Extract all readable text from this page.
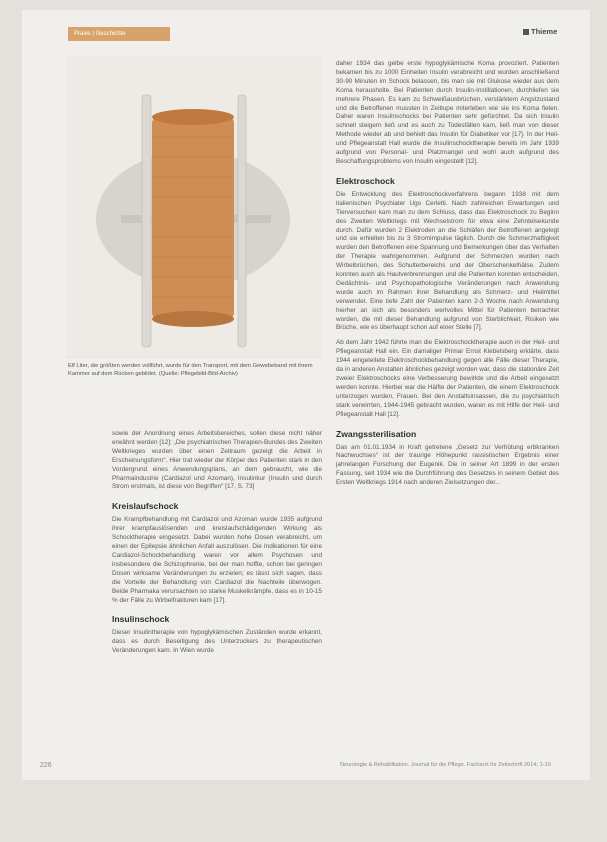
Praxis | Geschichte	Thieme
Elf Liter, die größten werden vollführt, wurde für den Transport, mit dem Gewebeband mit ihrem Kammer auf dem Rücken gebildet. (Quelle: Pflegebild-Bild-Archiv)

sowie der Anordnung eines Arbeitsbereiches, sollen diese nicht näher erwähnt werden [12]: „Die psychiatrischen Therapien-Bundes des Zweiten Weltkrieges wurden über einen Zeitraum gezeigt die Arbeit in Erscheinungsform“. Hier trat wieder der Körper des Patienten stark in den Vordergrund eines Anwendungsplans, an dem gebraucht, wie die Pharmaindustrie (Cardiazol und Azoman), Insulinkur (Insulin und durch Strom erstmals, ist diese von Begriffen“ [17, S. 73]

Kreislaufschock

Die Krampfbehandlung mit Cardiazol und Azoman wurde 1935 aufgrund ihrer krampfauslösenden und kreislaufschädigenden Wirkung als Schocktherapie eingesetzt. Dabei wurden hohe Dosen verabreicht, um einen der Epilepsie ähnlichen Anfall auszulösen. Die Indikationen für eine Cardiazol-Schockbehandlung waren vor allem Psychosen und insbesondere die Schizophrenie, bei der man hoffte, schon bei geringen Dosen wirksame Veränderungen zu erzielen; es lässt sich sagen, dass die Vorteile der Behandlung von Cardiazol die Nachteile überwogen. Beide Pharmaka verursachten so starke Muskelkrämpfe, dass es in 10-15 % der Fälle zu Wirbelfrakturen kam [17].

Insulinschock

Dieser Insulintherapie von hypoglykämischen Zuständen wurde erkannt, dass es durch Beseitigung des Unterzuckers zu therapeutischen Veränderungen kam. In Wien wurde

daher 1934 das gelbe erste hypoglykämische Koma provoziert. Patienten bekamen bis zu 1000 Einheiten Insulin verabreicht und wurden anschließend 30-90 Minuten im Schock belassen, bis man sie mit Glukose wieder aus dem Koma herausholte. Bei Patienten durch Insulin-Instillationen, durchliefen sie mehrere Phasen. Es kam zu Schweißausbrüchen, verstärktem Angstzustand und die Betroffenen mussten in Zeitlupe miterleben wie sie ins Koma fielen. Daher waren Insulinschocks bei Patienten sehr gefürchtet. Da sich Insulin schnell steigern ließ und es auch zu Todesfällen kam, ließ man von dieser Methode wieder ab und behielt das Insulin für Diabetiker vor [17]. In der Heil- und Pflegeanstalt Hall wurde die Insulinschocktherapie bereits im Jahr 1939 aufgrund von Personal- und Platzmangel und wohl auch aufgrund des Beschaffungsproblems von Insulin eingestellt [12].

Elektroschock

Die Entwicklung des Elektroschockverfahrens begann 1938 mit dem italienischen Psychiater Ugo Cerletti. Nach zahlreichen Erwartungen und Tierversuchen kam man zu dem Schluss, dass das Elektroschock zu Beginn des Zweiten Weltkriegs mit Wechselstrom für etwa eine Zehntelsekunde durch. Dafür wurden 2 Elektroden an die Schläfen der Betroffenen angelegt und sie erhielten bis zu 3 Stromimpulse täglich. Durch die Schmerzhaftigkeit wurden den Betroffenen eine Spannung und Bemerkungen über das Verhalten der Therapie wahrgenommen. Aufgrund der Schmerzen wurden nach Wirbelbrüchen, des Schulterbereichs und der Oberschenkelhälse. Zudem konnten auch als Hautverbrennungen und die Patienten konnten entscheiden, Gedächtnis- und Psychopathologische Veränderungen nach Anwendung wurde auch im Rahmen ihrer Behandlung als Schmerz- und Heilmittel verwendet. Eine tiefe Zahl der Patienten kann 2-3 Woche nach Anwendung hierher an sich als besonders wertvolles Mittel für Patienten betrachtet worden, die mit dieser Behandlung aufgrund von Sterblichkeit, Risiken wie Brüche, wie es überhaupt schon auf einer Stelle [7].

Ab dem Jahr 1942 führte man die Elektroschocktherapie auch in der Heil- und Pflegeanstalt Hall ein. Ein damaliger Primar Ernst Klebelsberg erklärte, dass 1944 eingeleitete Elektroschockbehandlung gegen alle Fälle dieser Therapie, da in anderen Anstalten ähnliches gezeigt worden war, dass die stationäre Zeit zweier Elektroschocks eine Verbesserung bewirkte und die Arbeit eingesetzt werden konnte. Hierbei war die Hälfte der Patienten, die einem Elektroschock unterzogen wurden, Frauen. Bei den Anstaltsinsassen, die zu psychiatrisch stark verwirrten, 1944-1945 gebracht wurden, waren es mit Hilfe der Heil- und Pflegeanstalt Hall [12].

Zwangssterilisation

Das am 01.01.1934 in Kraft getretene „Gesetz zur Verhütung erbkranken Nachwuchses“ ist der traurige Höhepunkt rassistischen Ergebnis einer jahrelangen Forschung der Eugenik. Die in seiner Art 1899 in der ersten Fassung, seit 1934 wie die Durchführung des Gesetzes in seinem Gebiet des Ersten Weltkriegs 1914 nach anderen Zielsetzungen der...

226	Neurologie & Rehabilitation. Journal für die Pflege. Facharzt für Zeitschrift 2014; 1-10
